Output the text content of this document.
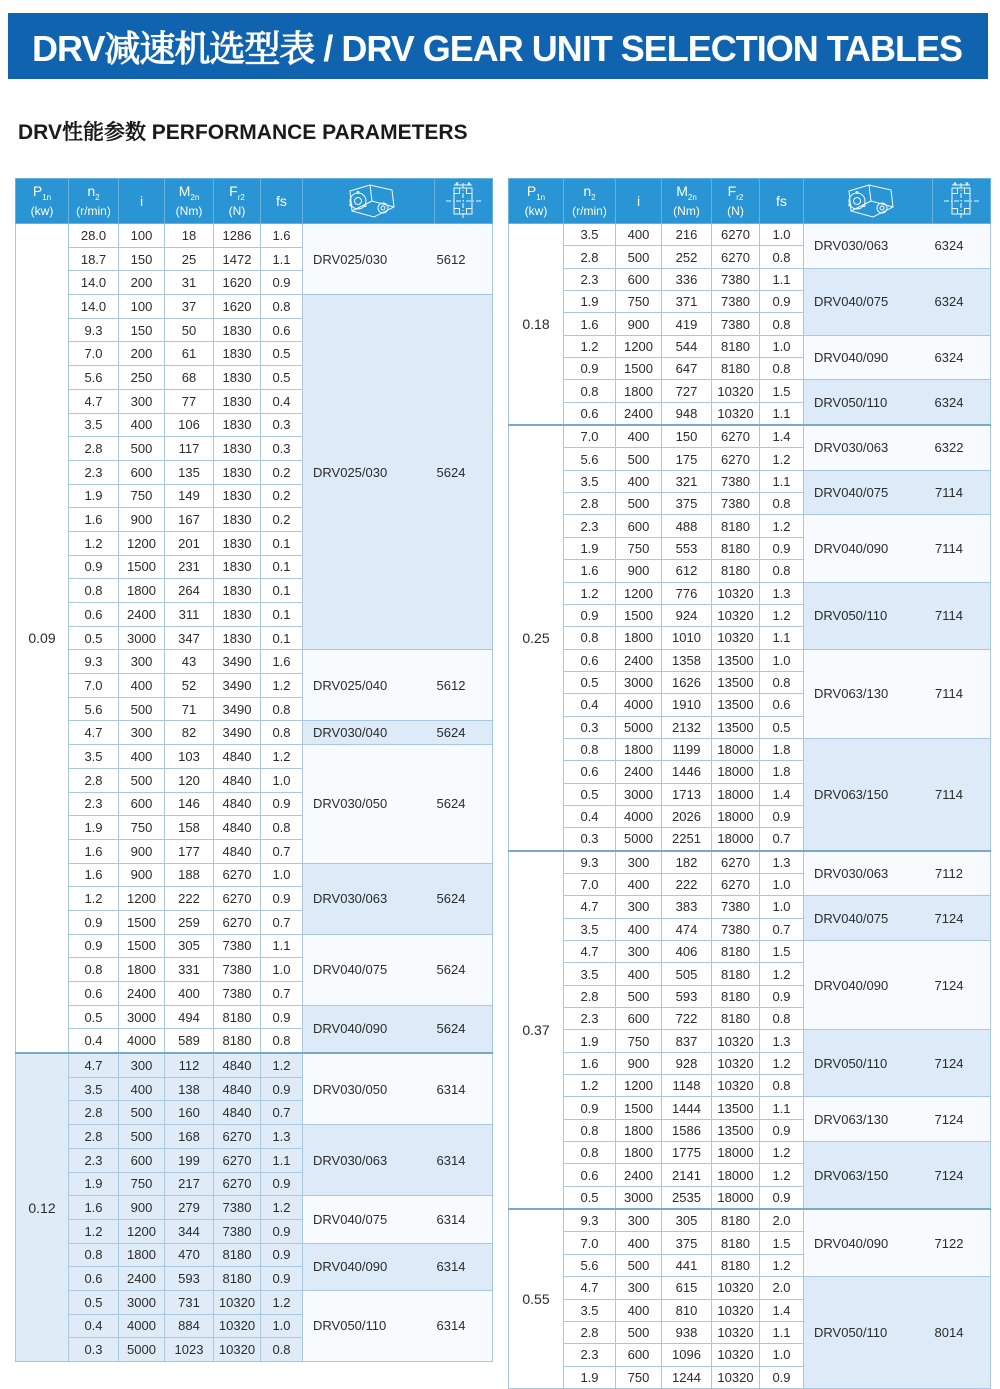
DRV减速机选型表 / DRV GEAR UNIT SELECTION TABLES
DRV性能参数 PERFORMANCE PARAMETERS
$P_{1n}$
(kw)

$n_2$
(r/min)

i

$M_{2n}$
(Nm)

$F_{r2}$
(N)

fs

0.09	28.0	100	18	1286	1.6	DRV025/030 5612	

	18.7	150	25	1472	1.1		
	14.0	200	31	1620	0.9		
	14.0	100	37	1620	0.8	DRV025/030 5624	

	9.3	150	50	1830	0.6		
	7.0	200	61	1830	0.5		
	5.6	250	68	1830	0.5		
	4.7	300	77	1830	0.4		
	3.5	400	106	1830	0.3		
	2.8	500	117	1830	0.3		
	2.3	600	135	1830	0.2		
	1.9	750	149	1830	0.2		
	1.6	900	167	1830	0.2		
	1.2	1200	201	1830	0.1		
	0.9	1500	231	1830	0.1		
	0.8	1800	264	1830	0.1		
	0.6	2400	311	1830	0.1		
	0.5	3000	347	1830	0.1		
	9.3	300	43	3490	1.6	DRV025/040 5612	

	7.0	400	52	3490	1.2		
	5.6	500	71	3490	0.8		
	4.7	300	82	3490	0.8	DRV030/040 5624	

	3.5	400	103	4840	1.2	DRV030/050 5624	

	2.8	500	120	4840	1.0		
	2.3	600	146	4840	0.9		
	1.9	750	158	4840	0.8		
	1.6	900	177	4840	0.7		
	1.6	900	188	6270	1.0	DRV030/063 5624	

	1.2	1200	222	6270	0.9		
	0.9	1500	259	6270	0.7		
	0.9	1500	305	7380	1.1	DRV040/075 5624	

	0.8	1800	331	7380	1.0		
	0.6	2400	400	7380	0.7		
	0.5	3000	494	8180	0.9	DRV040/090 5624	

	0.4	4000	589	8180	0.8		
0.12	4.7	300	112	4840	1.2	DRV030/050 6314	

	3.5	400	138	4840	0.9		
	2.8	500	160	4840	0.7		
	2.8	500	168	6270	1.3	DRV030/063 6314	

	2.3	600	199	6270	1.1		
	1.9	750	217	6270	0.9		
	1.6	900	279	7380	1.2	DRV040/075 6314	

	1.2	1200	344	7380	0.9		
	0.8	1800	470	8180	0.9	DRV040/090 6314	

	0.6	2400	593	8180	0.9		
	0.5	3000	731	10320	1.2	DRV050/110 6314	

	0.4	4000	884	10320	1.0		
	0.3	5000	1023	10320	0.8		
$P_{1n}$
(kw)

$n_2$
(r/min)

i

$M_{2n}$
(Nm)

$F_{r2}$
(N)

fs

0.18	3.5	400	216	6270	1.0	DRV030/063 6324	

	2.8	500	252	6270	0.8		
	2.3	600	336	7380	1.1	DRV040/075 6324	

	1.9	750	371	7380	0.9		
	1.6	900	419	7380	0.8		
	1.2	1200	544	8180	1.0	DRV040/090 6324	

	0.9	1500	647	8180	0.8		
	0.8	1800	727	10320	1.5	DRV050/110 6324	

	0.6	2400	948	10320	1.1		
0.25	7.0	400	150	6270	1.4	DRV030/063 6322	

	5.6	500	175	6270	1.2		
	3.5	400	321	7380	1.1	DRV040/075 7114	

	2.8	500	375	7380	0.8		
	2.3	600	488	8180	1.2	DRV040/090 7114	

	1.9	750	553	8180	0.9		
	1.6	900	612	8180	0.8		
	1.2	1200	776	10320	1.3	DRV050/110 7114	

	0.9	1500	924	10320	1.2		
	0.8	1800	1010	10320	1.1		
	0.6	2400	1358	13500	1.0	DRV063/130 7114	

	0.5	3000	1626	13500	0.8		
	0.4	4000	1910	13500	0.6		
	0.3	5000	2132	13500	0.5		
	0.8	1800	1199	18000	1.8	DRV063/150 7114	

	0.6	2400	1446	18000	1.8		
	0.5	3000	1713	18000	1.4		
	0.4	4000	2026	18000	0.9		
	0.3	5000	2251	18000	0.7		
0.37	9.3	300	182	6270	1.3	DRV030/063 7112	

	7.0	400	222	6270	1.0		
	4.7	300	383	7380	1.0	DRV040/075 7124	

	3.5	400	474	7380	0.7		
	4.7	300	406	8180	1.5	DRV040/090 7124	

	3.5	400	505	8180	1.2		
	2.8	500	593	8180	0.9		
	2.3	600	722	8180	0.8		
	1.9	750	837	10320	1.3	DRV050/110 7124	

	1.6	900	928	10320	1.2		
	1.2	1200	1148	10320	0.8		
	0.9	1500	1444	13500	1.1	DRV063/130 7124	

	0.8	1800	1586	13500	0.9		
	0.8	1800	1775	18000	1.2	DRV063/150 7124	

	0.6	2400	2141	18000	1.2		
	0.5	3000	2535	18000	0.9		
0.55	9.3	300	305	8180	2.0	DRV040/090 7122	

	7.0	400	375	8180	1.5		
	5.6	500	441	8180	1.2		
	4.7	300	615	10320	2.0	DRV050/110 8014	

	3.5	400	810	10320	1.4		
	2.8	500	938	10320	1.1		
	2.3	600	1096	10320	1.0		
	1.9	750	1244	10320	0.9		
